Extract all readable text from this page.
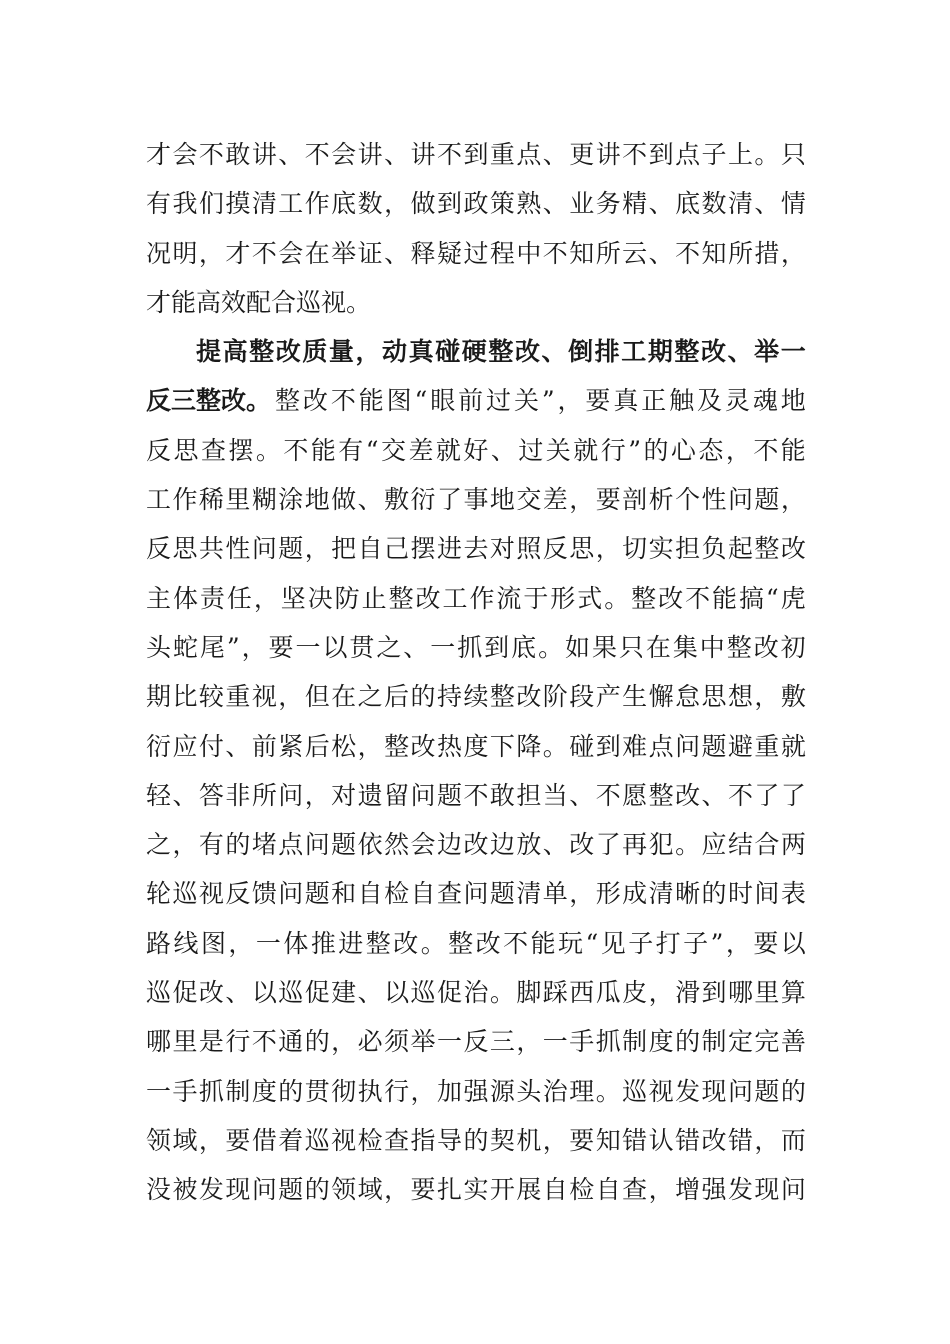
才 会 不 敢 讲 、 不 会 讲 、 讲 不 到 重 点 、 更 讲 不 到 点 子 上 。 只
有 我 们 摸 清 工 作 底 数 ， 做 到 政 策 熟 、 业 务 精 、 底 数 清 、 情
况 明 ， 才 不 会 在 举 证 、 释 疑 过 程 中 不 知 所 云 、 不 知 所 措 ，
才能高效配合巡视。
提 高 整 改 质 量 ， 动 真 碰 硬 整 改 、 倒 排 工 期 整 改 、 举 一
反三整改。 整 改 不 能 图 “ 眼 前 过 关 ” ， 要 真 正 触 及 灵 魂 地
反 思 查 摆 。 不 能 有 “ 交 差 就 好 、 过 关 就 行 ” 的 心 态 ， 不 能
工 作 稀 里 糊 涂 地 做 、 敷 衍 了 事 地 交 差 ， 要 剖 析 个 性 问 题 ，
反 思 共 性 问 题 ， 把 自 己 摆 进 去 对 照 反 思 ， 切 实 担 负 起 整 改
主 体 责 任 ， 坚 决 防 止 整 改 工 作 流 于 形 式 。 整 改 不 能 搞 “ 虎
头 蛇 尾 ” ， 要 一 以 贯 之 、 一 抓 到 底 。 如 果 只 在 集 中 整 改 初
期 比 较 重 视 ， 但 在 之 后 的 持 续 整 改 阶 段 产 生 懈 怠 思 想 ， 敷
衍 应 付 、 前 紧 后 松 ， 整 改 热 度 下 降 。 碰 到 难 点 问 题 避 重 就
轻 、 答 非 所 问 ， 对 遗 留 问 题 不 敢 担 当 、 不 愿 整 改 、 不 了 了
之 ， 有 的 堵 点 问 题 依 然 会 边 改 边 放 、 改 了 再 犯 。 应 结 合 两
轮 巡 视 反 馈 问 题 和 自 检 自 查 问 题 清 单 ， 形 成 清 晰 的 时 间 表
路 线 图 ， 一 体 推 进 整 改 。 整 改 不 能 玩 “ 见 子 打 子 ” ， 要 以
巡 促 改 、 以 巡 促 建 、 以 巡 促 治 。 脚 踩 西 瓜 皮 ， 滑 到 哪 里 算
哪 里 是 行 不 通 的 ， 必 须 举 一 反 三 ， 一 手 抓 制 度 的 制 定 完 善
一 手 抓 制 度 的 贯 彻 执 行 ， 加 强 源 头 治 理 。 巡 视 发 现 问 题 的
领 域 ， 要 借 着 巡 视 检 查 指 导 的 契 机 ， 要 知 错 认 错 改 错 ， 而
没 被 发 现 问 题 的 领 域 ， 要 扎 实 开 展 自 检 自 查 ， 增 强 发 现 问
